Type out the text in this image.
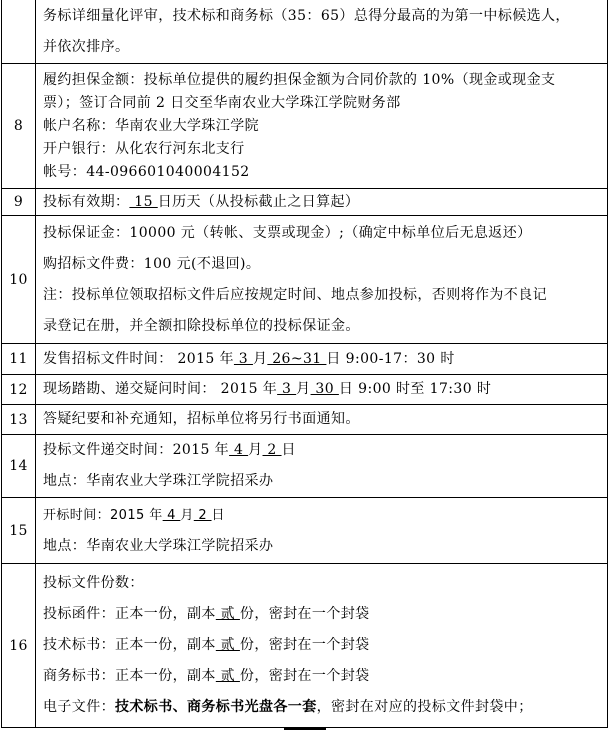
	务标详细量化评审，技术标和商务标（35：65）总得分最高的为第一中标候选人，
并依次排序。

8	履约担保金额：投标单位提供的履约担保金额为合同价款的 10%（现金或现金支
票）；签订合同前 2 日交至华南农业大学珠江学院财务部
帐户名称：华南农业大学珠江学院
开户银行：从化农行河东北支行
帐号：44-096601040004152

9	投标有效期： 15 日历天（从投标截止之日算起）

10	投标保证金：10000 元（转帐、支票或现金）;（确定中标单位后无息返还）
购招标文件费：100 元(不退回)。
注：投标单位领取招标文件后应按规定时间、地点参加投标，否则将作为不良记
录登记在册，并全额扣除投标单位的投标保证金。

11	发售招标文件时间： 2015 年 3 月 26~31 日 9:00-17：30 时

12	现场踏勘、递交疑问时间： 2015 年 3 月 30 日 9:00 时至 17:30 时

13	答疑纪要和补充通知，招标单位将另行书面通知。

14	投标文件递交时间：2015 年 4 月 2 日
地点：华南农业大学珠江学院招采办

15	开标时间：2015 年 4 月 2 日
地点：华南农业大学珠江学院招采办

16	投标文件份数：
投标函件：正本一份，副本 贰 份，密封在一个封袋
技术标书：正本一份，副本 贰 份，密封在一个封袋
商务标书：正本一份，副本 贰 份，密封在一个封袋
电子文件：技术标书、商务标书光盘各一套，密封在对应的投标文件封袋中；
